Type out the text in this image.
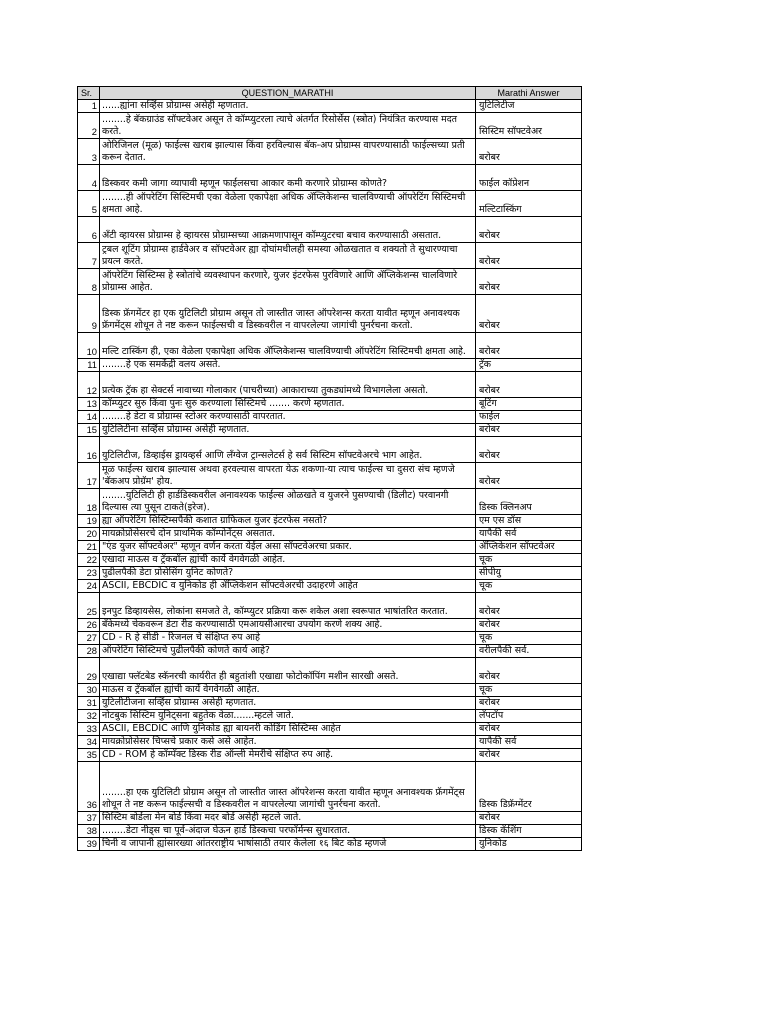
Sr.	QUESTION_MARATHI	Marathi Answer
1	......ह्यांना सर्व्हिस प्रोग्राम्स असेही म्हणतात.	युटिलिटीज
2	........हे बॅकग्राउंड सॉफ्टवेअर असून ते कॉम्प्युटरला त्याचे अंतर्गत रिसोर्सेस (स्त्रोत) नियंत्रित करण्यास मदत करते.	सिस्टिम सॉफ्टवेअर
3	ओरिजिनल (मूळ) फाईल्स खराब झाल्यास किंवा हरविल्यास बॅक-अप प्रोग्राम्स वापरण्यासाठी फाईल्सच्या प्रती करून देतात.	बरोबर
4	डिस्कवर कमी जागा व्यापावी म्हणून फाईलसचा आकार कमी करणारे प्रोग्राम्स कोणते?	फाईल कॉप्रेशन
5	........ही ऑपरेटिंग सिस्टिमची एका वेळेला एकापेक्षा अधिक ॲप्लिकेशन्स चालविण्याची ऑपरेटिंग सिस्टिमची क्षमता आहे.	मल्टिटास्किंग
6	अँटी व्हायरस प्रोग्राम्स हे व्हायरस प्रोग्राम्सच्या आक्रमणापासून कॉम्प्युटरचा बचाव करण्यासाठी असतात.	बरोबर
7	ट्रबल शूटिंग प्रोग्राम्स हार्डवेअर व सॉफ्टवेअर ह्या दोघांमधीलही समस्या ओळखतात व शक्यतो ते सुधारण्याचा प्रयत्न करते.	बरोबर
8	ऑपरेटिंग सिस्टिम्स हे स्त्रोतांचे व्यवस्थापन करणारे, युजर इंटरफेस पुरविणारे आणि ॲप्लिकेशन्स चालविणारे प्रोग्राम्स आहेत.	बरोबर
9	डिस्क फ्रॅगमेंटर हा एक युटिलिटी प्रोग्राम असून तो जास्तीत जास्त ऑपरेशन्स करता यावीत म्हणून अनावश्यक फ्रॅगमेंट्स शोधून ते नष्ट करून फाईल्सची व डिस्कवरील न वापरलेल्या जागांची पुनर्रचना करतो.	बरोबर
10	मल्टि टास्किंग ही, एका वेळेला एकापेक्षा अधिक ॲप्लिकेशन्स चालविण्याची ऑपरेटिंग सिस्टिमची क्षमता आहे.	बरोबर
11	........हे एक समकेंद्री वलय असते.	ट्रॅक
12	प्रत्येक ट्रॅक हा सेक्टर्स नावाच्या गोलाकार (पाचरीच्या) आकाराच्या तुकड्यांमध्ये विभागलेला असतो.	बरोबर
13	कॉम्प्युटर सुरु किंवा पुनः सुरु करण्याला सिस्टिमचे ....... करणे म्हणतात.	बूटिंग
14	........हे डेटा व प्रोग्राम्स स्टोअर करण्यासाठी वापरतात.	फाईल
15	युटिलिटीना सर्व्हिस प्रोग्राम्स असेही म्हणतात.	बरोबर
16	युटिलिटीज, डिव्हाईस ड्रायव्हर्स आणि लँग्वेज ट्रान्सलेटर्स हे सर्व सिस्टिम सॉफ्टवेअरचे भाग आहेत.	बरोबर
17	मूळ फाईल्स खराब झाल्यास अथवा हरवल्यास वापरता येऊ शकणा-या त्याच फाईल्स चा दुसरा संच म्हणजे 'बॅकअप प्रोग्रॅम' होय.	बरोबर
18	........युटिलिटी ही हार्डडिस्कवरील अनावश्यक फाईल्स ओळखते व युजरने पुसण्याची (डिलीट) परवानगी दिल्यास त्या पुसून टाकते(इरेज).	डिस्क क्लिनअप
19	ह्या ऑपरेटिंग सिस्टिम्सपैकी कशात ग्राफिकल युजर इंटरफेस नसतो?	एम एस डॉस
20	मायक्रोप्रोसेसरचे दोन प्राथमिक कॉम्पोनेंट्स असतात.	यापैकी सर्व
21	"एंड युजर सॉफ्टवेअर" म्हणून वर्णन करता येईल असा सॉफ्टवेअरचा प्रकार.	ॲप्लिकेशन सॉफ्टवेअर
22	एखादा माऊस व ट्रॅकबॉल ह्यांची कार्ये वेगवेगळी आहेत.	चूक
23	पुढीलपैकी डेटा प्रोसेसिंग युनिट कोणते?	सीपीयु
24	ASCII, EBCDIC व युनिकोड ही ॲप्लिकेशन सॉफ्टवेअरची उदाहरणे आहेत	चूक
25	इनपुट डिव्हायसेस, लोकांना समजते ते, कॉम्प्युटर प्रक्रिया करू शकेल अशा स्वरूपात भाषांतरित करतात.	बरोबर
26	बँकेमध्ये चेकवरून डेटा रीड करण्यासाठी एमआयसीआरचा उपयोग करणे शक्य आहे.	बरोबर
27	CD - R हे सीडी - रिजनल चे संक्षिप्त रुप आहे	चूक
28	ऑपरेटिंग सिस्टिमचे पुढीलपैकी कोणते कार्य आहे?	वरीलपैकी सर्व.
29	एखाद्या फ्लॅटबेड स्कॅनरची कार्यरीत ही बहुतांशी एखाद्या फोटोकॉपिंग मशीन सारखी असते.	बरोबर
30	माऊस व ट्रॅकबॉल ह्यांची कार्ये वेगवेगळी आहेत.	चूक
31	युटिलीटीजना सर्व्हिस प्रोग्राम्स असेही म्हणतात.	बरोबर
32	नोटबुक सिस्टिम युनिट्सना बहुतेक वेळा.......म्हटले जाते.	लॅपटॉप
33	ASCII, EBCDIC आणि युनिकोड ह्या बायनरी कोडिंग सिस्टिम्स आहेत	बरोबर
34	मायक्रोप्रोसेसर चिप्सचे प्रकार कसे असे आहेत.	यापैकी सर्व
35	CD - ROM हे कॉम्पॅक्ट डिस्क रीड ऑन्ली मेमरीचे संक्षिप्त रुप आहे.	बरोबर
36	........हा एक युटिलिटी प्रोग्राम असून तो जास्तीत जास्त ऑपरेशन्स करता यावीत म्हणून अनावश्यक फ्रॅगमेंट्स शोधून ते नष्ट करून फाईल्सची व डिस्कवरील न वापरलेल्या जागांची पुनर्रचना करतो.	डिस्क डिफ्रॅग्मेंटर
37	सिस्टिम बोर्डला मेन बोर्ड किंवा मदर बोर्ड असेही म्हटले जाते.	बरोबर
38	........डेटा नीड्स चा पूर्व-अंदाज घेऊन हार्ड डिस्कचा परफॉर्मन्स सुधारतात.	डिस्क कॅशिंग
39	चिनी व जापानी ह्यांसारख्या आंतरराष्ट्रीय भाषांसाठी तयार केलेला १६ बिट कोड म्हणजे	युनिकोड
